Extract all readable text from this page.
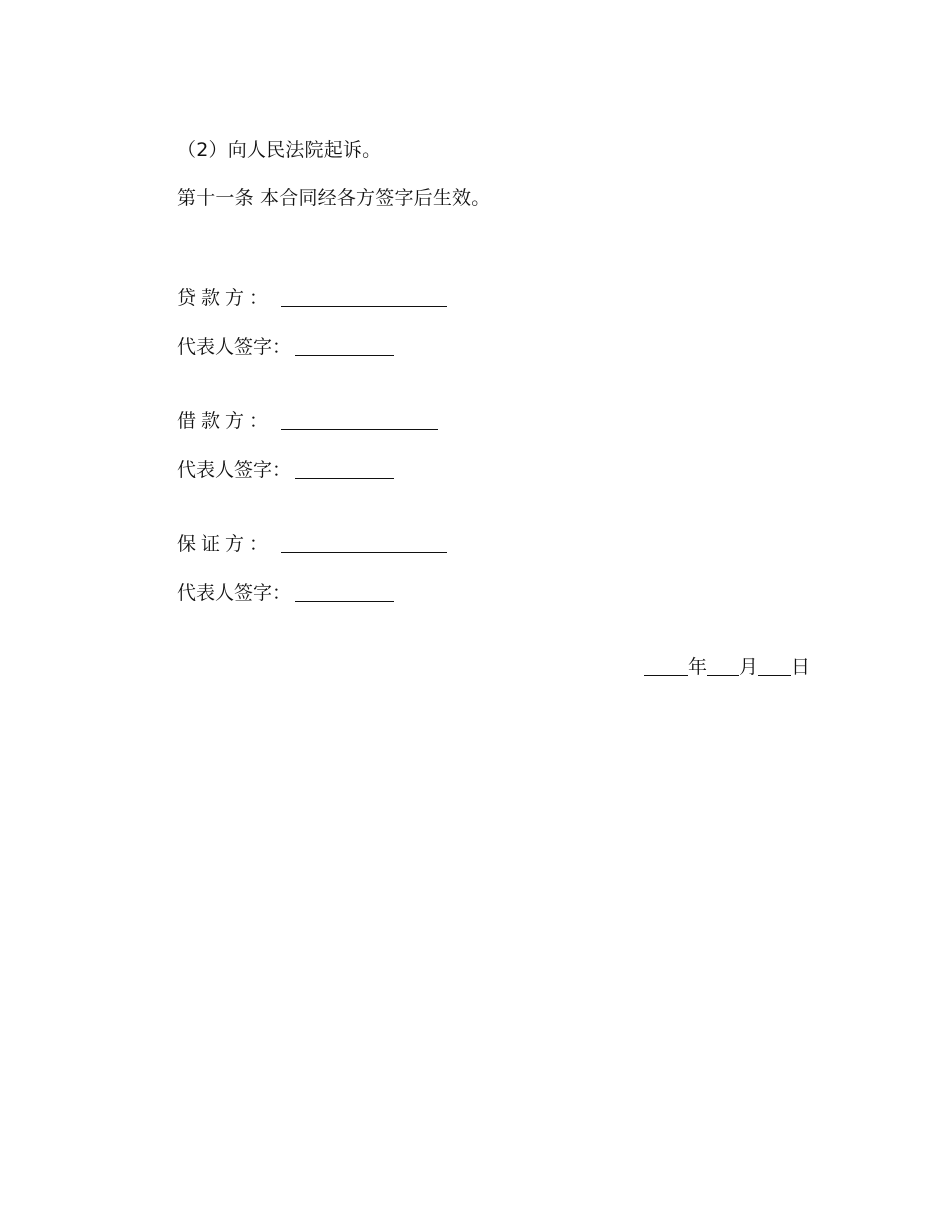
（2）向人民法院起诉。
第十一条 本合同经各方签字后生效。
贷款方：
代表人签字：
借款方：
代表人签字：
保证方：
代表人签字：
年 月 日
